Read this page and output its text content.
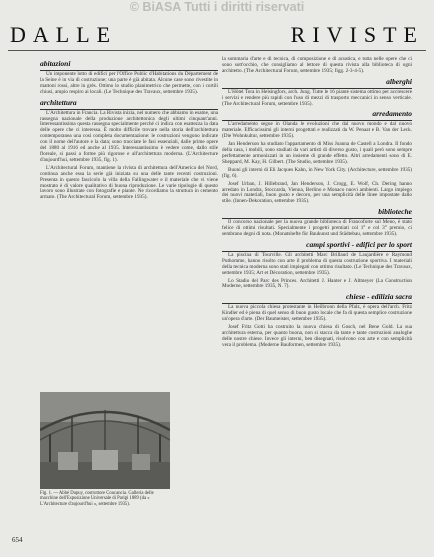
© BiASA Tutti i diritti riservati
DALLE	RIVISTE
abitazioni

Un imponente lotto di edifici per l'Office Public d'Habitations du Département de la Seine è in via di costruzione; una parte è già abitata. Alcune case sono rivestite in mattoni rossi, altre in grès. Ottimo lo studio planimetrico che permette, con i cortili chiusi, ampio respiro ai locali. (Le Technique des Travaux, settembre 1935).

architettura

L'Architettura in Francia. La Rivista inizia, nel numero che abbiamo in esame, una rassegna nazionale della produzione architettonica degli ultimi cinquant'anni. Interessantissima questa rassegna specialmente perché ci indica con esattezza la data delle opere che ci interessa. È molto difficile trovare nella storia dell'architettura contemporanea una così completa documentazione: le costruzioni vengono indicate con il nome dell'autore e la data; sono tracciate le fasi essenziali, dalle prime opere del 1880 al 1916 ed anche al 1935. Interessantissimo è vedere come, dallo stile floreale, si passi a forme più rigorose e all'architettura moderna. (L'Architecture d'aujourd'hui, settembre 1935, fig. 1).

L'Architectural Forum, mantiene la rivista di architettura dell'America del Nord, continua anche essa la serie già iniziata su una delle tante recenti costruzioni. Presenta in questo fascicolo la villa della Fallingwater e il materiale che vi viene mostrato è di valore qualitativo di buona riproduzione. Le varie tipologie di questo lavoro sono illustrate con fotografie e piante. Ne ricordiamo la struttura in cemento armato. (The Architectural Forum, settembre 1935).

Fig. 1. — Abbé Dupuy, costruttore Coucancia. Galleria delle macchine dell'Esposizione Universale di Parigi 1889 (da « L'Architecture d'aujourd'hui », settembre 1935).
654

la sommaria d'arte e di tecnica, di composizione e di acustica, e tutta nelle opere che ci sono sott'occhio, che consigliamo al lettore di questa rivista alla biblioteca di ogni architetto. (The Architectural Forum, settembre 1935; figg. 2-3-4-5).

alberghi

L'Hôtel Tora in Helsingfors, arch. Jung. Tutte le 16 piante sistema ottimo per accrescere i servizi e rendere più rapidi con l'uso di mezzi di trasporto meccanici in senso verticale. (The Architectural Forum, settembre 1935).

arredamento

L'arredamento segue in Olanda le evoluzioni che dal nuovo mondo e dal nuovo materiale. Efficacissimi gli interni progettati e realizzati da W. Penaat e B. Van der Leck. (Die Wohnkultur, settembre 1935).

Jan Henderson ha studiato l'appartamento di Miss Joanna de Castell a Londra. Il fondo della casa, i mobili, sono studiati da vari artisti di diverso gusto, i quali però sono sempre perfettamente armonizzati in un insieme di grande effetto. Altri arredamenti sono di E. Sheppard, M. Kay, H. Gilbert. (The Studio, settembre 1935).

Buoni gli interni di Eli Jacques Kahn, in New York City. (Architecture, settembre 1935) (fig. 6).

Josef Urban, J. Hillebrand, Jan Henderson, J. Crogg, E. Wolf, Ch. Dering hanno arredato in Londra, Stoccarda, Vienna, Berlino e Monaco nuovi ambienti. Largo impiego dei nuovi materiali, buon gusto e decoro, per una semplicità delle linee impostate dallo stile. (Innen-Dekoration, settembre 1935).

biblioteche

Il concorso nazionale per la nuova grande biblioteca di Francoforte sul Meno, è stato felice di ottimi risultati. Specialmente i progetti premiati col 1° e col 3° premio, ci sembrano degni di nota. (Monatshefte für Baukunst und Städtebau, settembre 1935).

campi sportivi - edifici per lo sport

La piscina di Tourville. Gli architetti Marc Brillaud de Laujardière e Raymond Puthomme, hanno risolto con arte il problema di questa costruzione sportiva. I materiali della tecnica moderna sono stati impiegati con ottimo risultato. (Le Technique des Travaux, settembre 1935; Art et Décoration, settembre 1935).

Lo Stadio del Parc des Princes. Architetti J. Hanter e J. Altmeyer (La Construction Moderne, settembre 1935, N. 7).

chiese - edilizia sacra

La nuova piccola chiesa protestante in Heilbronn della Pfalz, è opera dell'arch. Fritz Kindler ed è piena di quel senso di buon gusto locale che fa di questa semplice costruzione un'opera d'arte. (Der Baumeister, settembre 1935).

Josef Fritz Gotti ha costruito la nuova chiesa di Gosch, nel Bene Gold. La sua architettura esterna, per quanto buona, non si stacca da tante e tante costruzioni analoghe delle nostre chiese. Invece gli interni, ben disegnati, risolvono con arte e con semplicità vera il problema. (Moderne Bauformen, settembre 1935).
